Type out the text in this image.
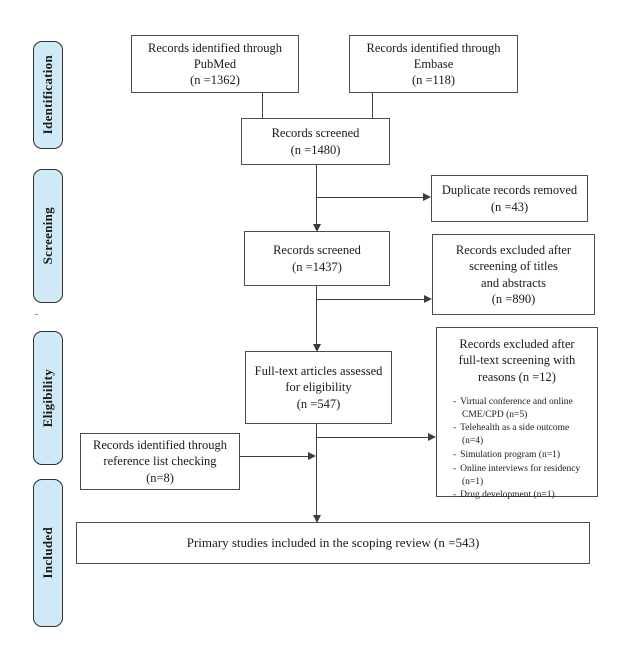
Identification
Screening
Eligibility
Included
Records identified through
PubMed
(n =1362)
Records identified through
Embase
(n =118)
Records screened
(n =1480)
Duplicate records removed
(n =43)
Records screened
(n =1437)
Records excluded after
screening of titles
and abstracts
(n =890)
Full-text articles assessed
for eligibility
(n =547)
Records excluded after
full-text screening with
reasons (n =12)
- Virtual conference and online CME/CPD (n=5)
- Telehealth as a side outcome (n=4)
- Simulation program (n=1)
- Online interviews for residency (n=1)
- Drug development (n=1)
Records identified through
reference list checking
(n=8)
Primary studies included in the scoping review (n =543)
